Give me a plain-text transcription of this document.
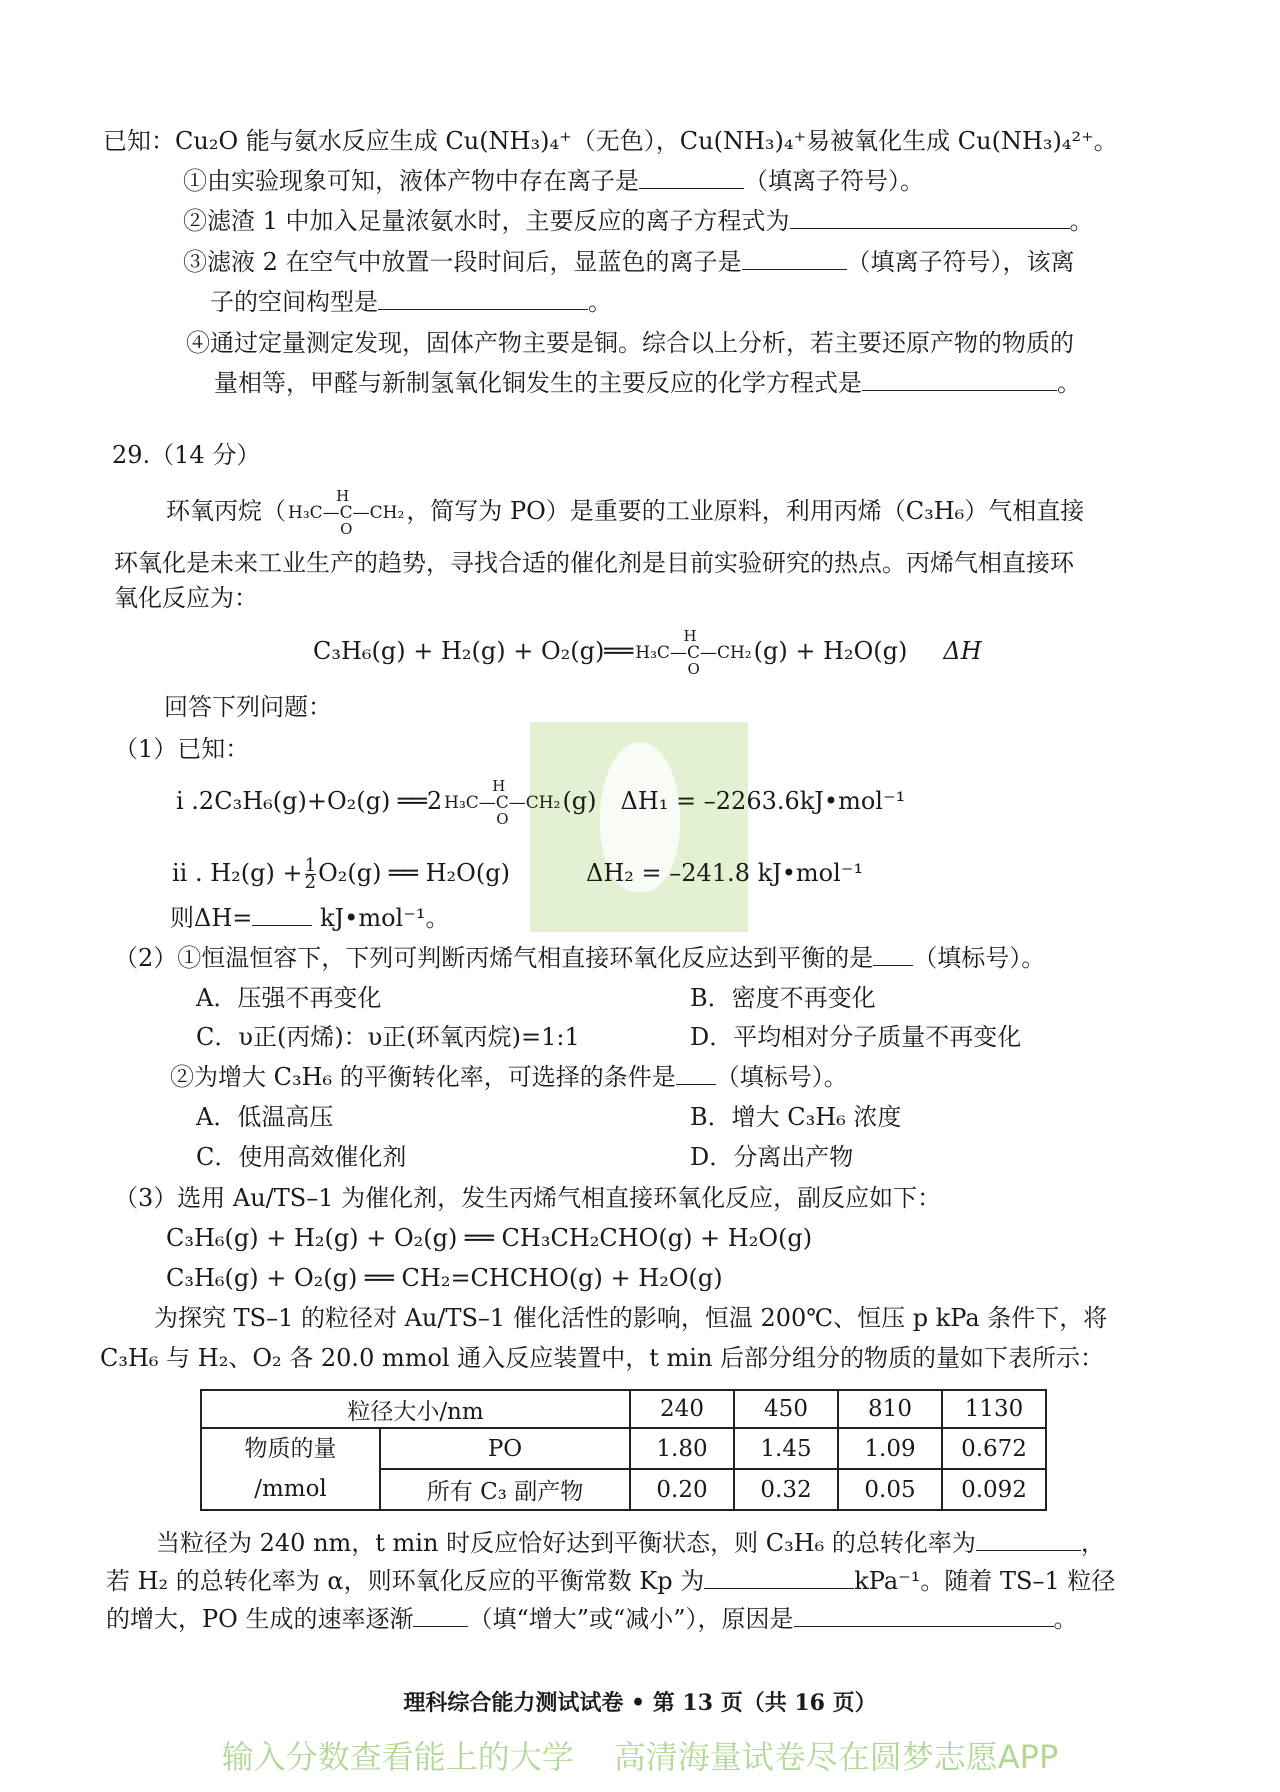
已知：Cu₂O 能与氨水反应生成 Cu(NH₃)₄⁺（无色），Cu(NH₃)₄⁺易被氧化生成 Cu(NH₃)₄²⁺。
①由实验现象可知，液体产物中存在离子是	（填离子符号）。
②滤渣 1 中加入足量浓氨水时，主要反应的离子方程式为	。
③滤液 2 在空气中放置一段时间后，显蓝色的离子是	（填离子符号），该离
子的空间构型是	。
④通过定量测定发现，固体产物主要是铜。综合以上分析，若主要还原产物的物质的
量相等，甲醛与新制氢氧化铜发生的主要反应的化学方程式是	。
29.（14 分）
环氧丙烷（
H
H₃C—C—CH₂
O
，简写为 PO）是重要的工业原料，利用丙烯（C₃H₆）气相直接
环氧化是未来工业生产的趋势，寻找合适的催化剂是目前实验研究的热点。丙烯气相直接环
氧化反应为：
C₃H₆(g) + H₂(g) + O₂(g)══
H
H₃C—C—CH₂
O
(g) + H₂O(g) ΔH
回答下列问题：
（1）已知：
i .2C₃H₆(g)+O₂(g) ══2
H
H₃C—C—CH₂
O
(g) ΔH₁ = –2263.6kJ•mol⁻¹
ii . $H_2(g) + \frac{1}{2} O_2(g)$ ══ H₂O(g)	ΔH₂ = –241.8 kJ•mol⁻¹
则ΔH=	kJ•mol⁻¹。
（2）①恒温恒容下，下列可判断丙烯气相直接环氧化反应达到平衡的是 （填标号）。
A．压强不再变化	B．密度不再变化
C．υ正(丙烯)：υ正(环氧丙烷)=1:1	D．平均相对分子质量不再变化
②为增大 C₃H₆ 的平衡转化率，可选择的条件是 （填标号）。
A．低温高压	B．增大 C₃H₆ 浓度
C．使用高效催化剂	D．分离出产物
（3）选用 Au/TS–1 为催化剂，发生丙烯气相直接环氧化反应，副反应如下：
C₃H₆(g) + H₂(g) + O₂(g) ══ CH₃CH₂CHO(g) + H₂O(g)
C₃H₆(g) + O₂(g) ══ CH₂=CHCHO(g) + H₂O(g)
为探究 TS–1 的粒径对 Au/TS–1 催化活性的影响，恒温 200℃、恒压 p kPa 条件下，将
C₃H₆ 与 H₂、O₂ 各 20.0 mmol 通入反应装置中，t min 后部分组分的物质的量如下表所示：
粒径大小/nm		240	450	810	1130
物质的量
/mmol	PO	1.80	1.45	1.09	0.672
	所有 C₃ 副产物	0.20	0.32	0.05	0.092
当粒径为 240 nm，t min 时反应恰好达到平衡状态，则 C₃H₆ 的总转化率为	，
若 H₂ 的总转化率为 α，则环氧化反应的平衡常数 Kp 为	kPa⁻¹。随着 TS–1 粒径
的增大，PO 生成的速率逐渐 （填“增大”或“减小”），原因是	。
理科综合能力测试试卷 • 第 13 页（共 16 页）
输入分数查看能上的大学 高清海量试卷尽在圆梦志愿APP
